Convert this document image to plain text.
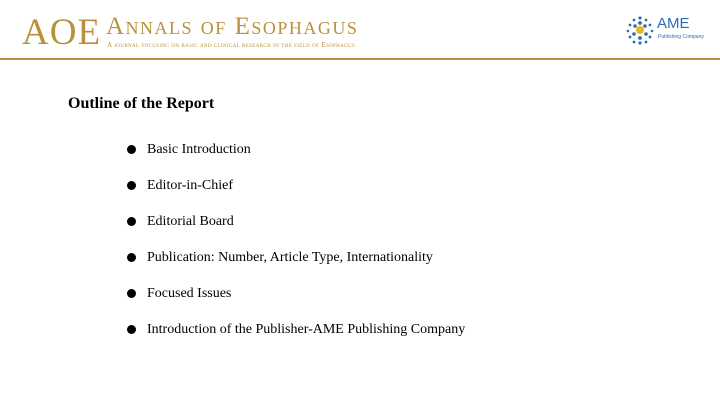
AOE Annals of Esophagus
A journal focusing on basic and clinical research in the field of Esophagus
AME
Publishing Company
Outline of the Report
Basic Introduction
Editor-in-Chief
Editorial Board
Publication: Number, Article Type, Internationality
Focused Issues
Introduction of the Publisher-AME Publishing Company
